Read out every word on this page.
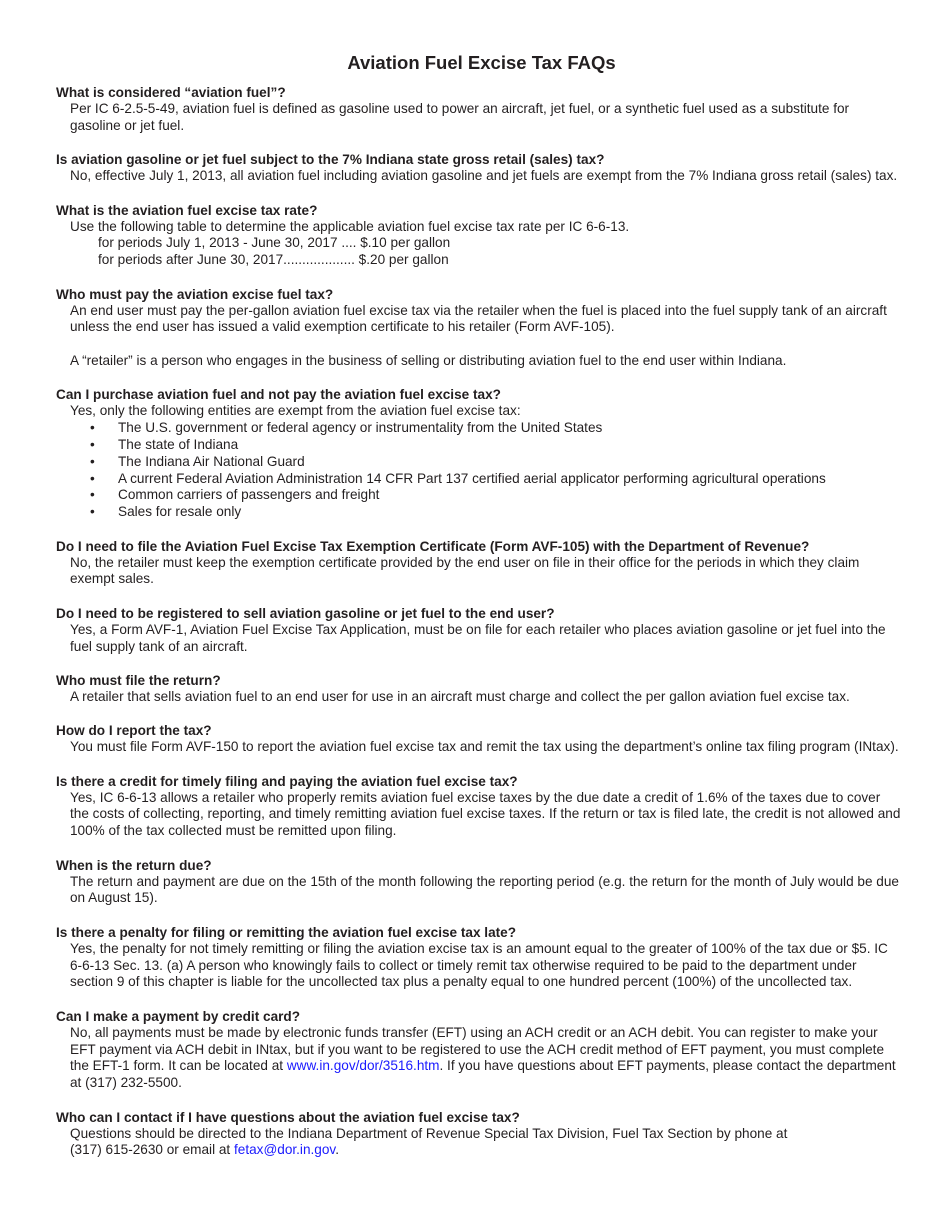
Aviation Fuel Excise Tax FAQs

What is considered “aviation fuel”?

Per IC 6-2.5-5-49, aviation fuel is defined as gasoline used to power an aircraft, jet fuel, or a synthetic fuel used as a substitute for gasoline or jet fuel.

Is aviation gasoline or jet fuel subject to the 7% Indiana state gross retail (sales) tax?

No, effective July 1, 2013, all aviation fuel including aviation gasoline and jet fuels are exempt from the 7% Indiana gross retail (sales) tax.

What is the aviation fuel excise tax rate?

Use the following table to determine the applicable aviation fuel excise tax rate per IC 6-6-13.

for periods July 1, 2013 - June 30, 2017 .... $.10 per gallon
for periods after June 30, 2017................... $.20 per gallon

Who must pay the aviation excise fuel tax?

An end user must pay the per-gallon aviation fuel excise tax via the retailer when the fuel is placed into the fuel supply tank of an aircraft unless the end user has issued a valid exemption certificate to his retailer (Form AVF-105).

A “retailer” is a person who engages in the business of selling or distributing aviation fuel to the end user within Indiana.

Can I purchase aviation fuel and not pay the aviation fuel excise tax?

Yes, only the following entities are exempt from the aviation fuel excise tax:

• The U.S. government or federal agency or instrumentality from the United States
• The state of Indiana
• The Indiana Air National Guard
• A current Federal Aviation Administration 14 CFR Part 137 certified aerial applicator performing agricultural operations
• Common carriers of passengers and freight
• Sales for resale only

Do I need to file the Aviation Fuel Excise Tax Exemption Certificate (Form AVF-105) with the Department of Revenue?

No, the retailer must keep the exemption certificate provided by the end user on file in their office for the periods in which they claim exempt sales.

Do I need to be registered to sell aviation gasoline or jet fuel to the end user?

Yes, a Form AVF-1, Aviation Fuel Excise Tax Application, must be on file for each retailer who places aviation gasoline or jet fuel into the fuel supply tank of an aircraft.

Who must file the return?

A retailer that sells aviation fuel to an end user for use in an aircraft must charge and collect the per gallon aviation fuel excise tax.

How do I report the tax?

You must file Form AVF-150 to report the aviation fuel excise tax and remit the tax using the department’s online tax filing program (INtax).

Is there a credit for timely filing and paying the aviation fuel excise tax?

Yes, IC 6-6-13 allows a retailer who properly remits aviation fuel excise taxes by the due date a credit of 1.6% of the taxes due to cover the costs of collecting, reporting, and timely remitting aviation fuel excise taxes. If the return or tax is filed late, the credit is not allowed and 100% of the tax collected must be remitted upon filing.

When is the return due?

The return and payment are due on the 15th of the month following the reporting period (e.g. the return for the month of July would be due on August 15).

Is there a penalty for filing or remitting the aviation fuel excise tax late?

Yes, the penalty for not timely remitting or filing the aviation excise tax is an amount equal to the greater of 100% of the tax due or $5. IC 6-6-13 Sec. 13. (a) A person who knowingly fails to collect or timely remit tax otherwise required to be paid to the department under section 9 of this chapter is liable for the uncollected tax plus a penalty equal to one hundred percent (100%) of the uncollected tax.

Can I make a payment by credit card?

No, all payments must be made by electronic funds transfer (EFT) using an ACH credit or an ACH debit. You can register to make your EFT payment via ACH debit in INtax, but if you want to be registered to use the ACH credit method of EFT payment, you must complete the EFT-1 form. It can be located at www.in.gov/dor/3516.htm. If you have questions about EFT payments, please contact the department at (317) 232-5500.

Who can I contact if I have questions about the aviation fuel excise tax?

Questions should be directed to the Indiana Department of Revenue Special Tax Division, Fuel Tax Section by phone at
(317) 615-2630 or email at fetax@dor.in.gov.
